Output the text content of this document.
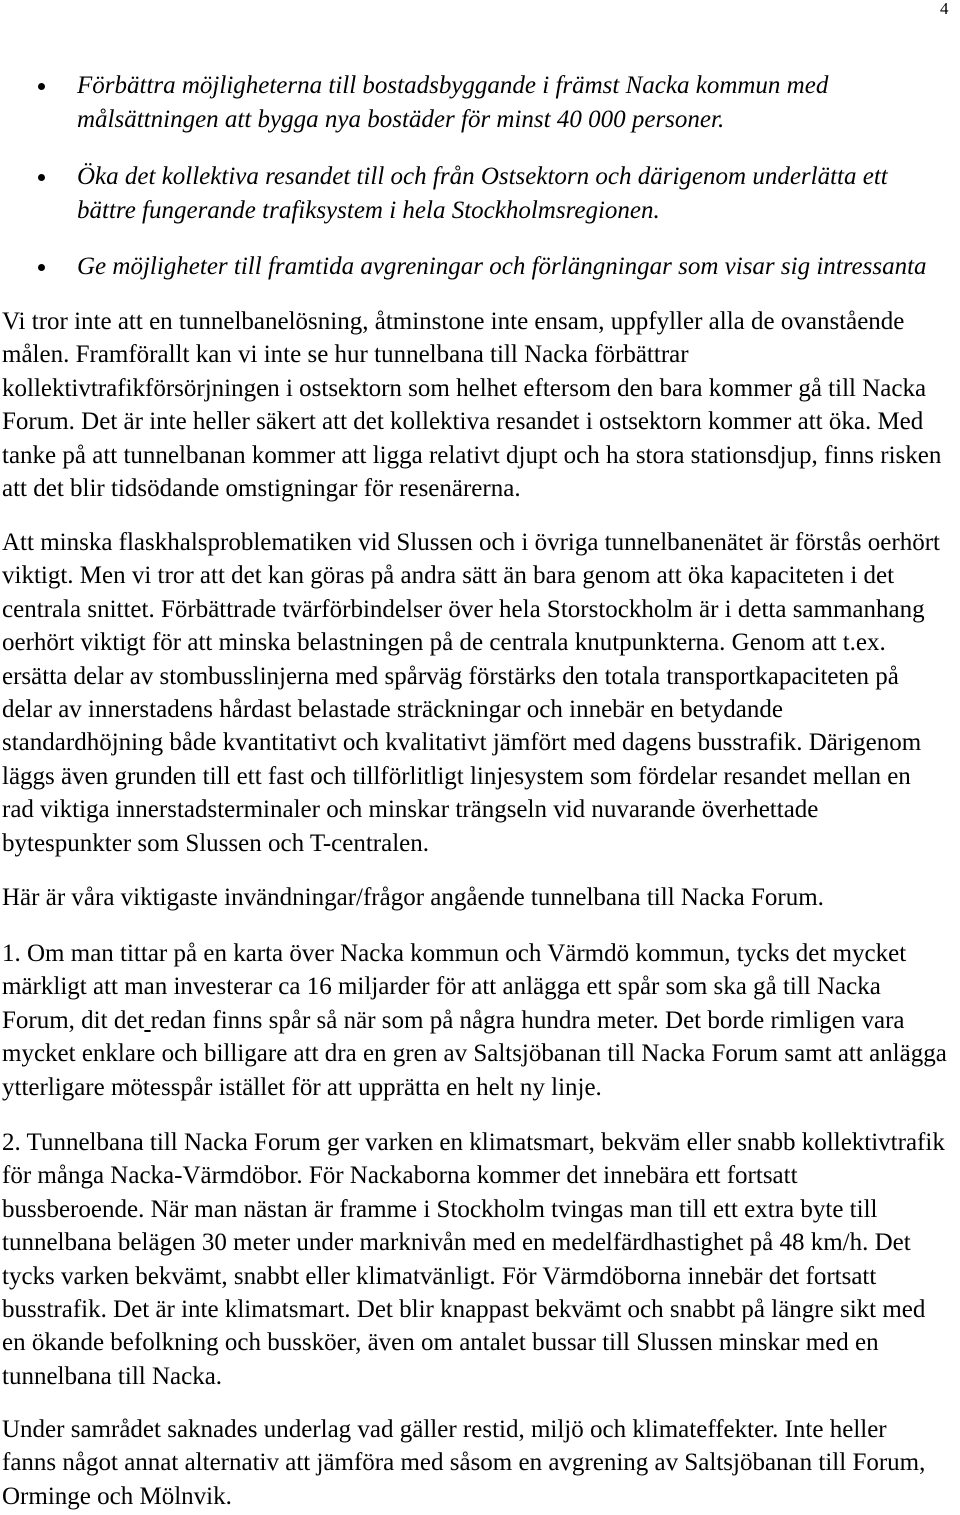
4
Förbättra möjligheterna till bostadsbyggande i främst Nacka kommun med
målsättningen att bygga nya bostäder för minst 40 000 personer.
Öka det kollektiva resandet till och från Ostsektorn och därigenom underlätta ett
bättre fungerande trafiksystem i hela Stockholmsregionen.
Ge möjligheter till framtida avgreningar och förlängningar som visar sig intressanta
Vi tror inte att en tunnelbanelösning, åtminstone inte ensam, uppfyller alla de ovanstående
målen. Framförallt kan vi inte se hur tunnelbana till Nacka förbättrar
kollektivtrafikförsörjningen i ostsektorn som helhet eftersom den bara kommer gå till Nacka
Forum. Det är inte heller säkert att det kollektiva resandet i ostsektorn kommer att öka. Med
tanke på att tunnelbanan kommer att ligga relativt djupt och ha stora stationsdjup, finns risken
att det blir tidsödande omstigningar för resenärerna.
Att minska flaskhalsproblematiken vid Slussen och i övriga tunnelbanenätet är förstås oerhört
viktigt. Men vi tror att det kan göras på andra sätt än bara genom att öka kapaciteten i det
centrala snittet. Förbättrade tvärförbindelser över hela Storstockholm är i detta sammanhang
oerhört viktigt för att minska belastningen på de centrala knutpunkterna. Genom att t.ex.
ersätta delar av stombusslinjerna med spårväg förstärks den totala transportkapaciteten på
delar av innerstadens hårdast belastade sträckningar och innebär en betydande
standardhöjning både kvantitativt och kvalitativt jämfört med dagens busstrafik. Därigenom
läggs även grunden till ett fast och tillförlitligt linjesystem som fördelar resandet mellan en
rad viktiga innerstadsterminaler och minskar trängseln vid nuvarande överhettade
bytespunkter som Slussen och T-centralen.
Här är våra viktigaste invändningar/frågor angående tunnelbana till Nacka Forum.
1. Om man tittar på en karta över Nacka kommun och Värmdö kommun, tycks det mycket
märkligt att man investerar ca 16 miljarder för att anlägga ett spår som ska gå till Nacka
Forum, dit det redan finns spår så när som på några hundra meter. Det borde rimligen vara
mycket enklare och billigare att dra en gren av Saltsjöbanan till Nacka Forum samt att anlägga
ytterligare mötesspår istället för att upprätta en helt ny linje.
2. Tunnelbana till Nacka Forum ger varken en klimatsmart, bekväm eller snabb kollektivtrafik
för många Nacka-Värmdöbor. För Nackaborna kommer det innebära ett fortsatt
bussberoende. När man nästan är framme i Stockholm tvingas man till ett extra byte till
tunnelbana belägen 30 meter under marknivån med en medelfärdhastighet på 48 km/h. Det
tycks varken bekvämt, snabbt eller klimatvänligt. För Värmdöborna innebär det fortsatt
busstrafik. Det är inte klimatsmart. Det blir knappast bekvämt och snabbt på längre sikt med
en ökande befolkning och bussköer, även om antalet bussar till Slussen minskar med en
tunnelbana till Nacka.
Under samrådet saknades underlag vad gäller restid, miljö och klimateffekter. Inte heller
fanns något annat alternativ att jämföra med såsom en avgrening av Saltsjöbanan till Forum,
Orminge och Mölnvik.
